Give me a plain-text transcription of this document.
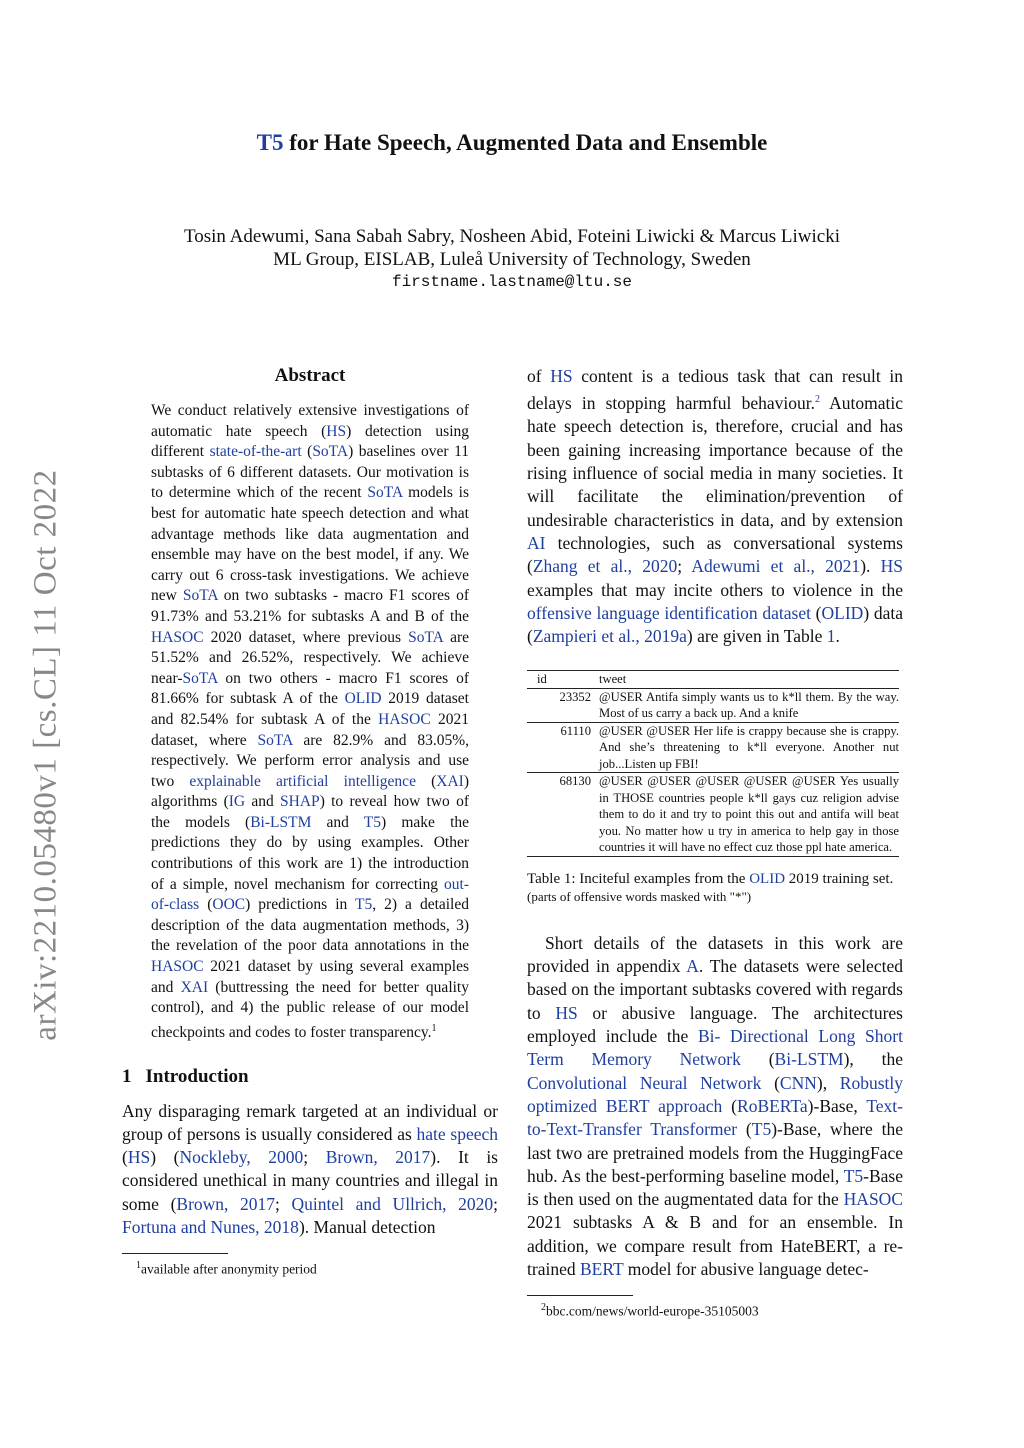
T5 for Hate Speech, Augmented Data and Ensemble
Tosin Adewumi, Sana Sabah Sabry, Nosheen Abid, Foteini Liwicki & Marcus Liwicki
ML Group, EISLAB, Luleå University of Technology, Sweden
firstname.lastname@ltu.se
arXiv:2210.05480v1 [cs.CL] 11 Oct 2022
Abstract

We conduct relatively extensive investigations of automatic hate speech (HS) detection using different state-of-the-art (SoTA) baselines over 11 subtasks of 6 different datasets. Our motivation is to determine which of the recent SoTA models is best for automatic hate speech detection and what advantage methods like data augmentation and ensemble may have on the best model, if any. We carry out 6 cross-task investigations. We achieve new SoTA on two subtasks - macro F1 scores of 91.73% and 53.21% for subtasks A and B of the HASOC 2020 dataset, where previous SoTA are 51.52% and 26.52%, respectively. We achieve near-SoTA on two others - macro F1 scores of 81.66% for subtask A of the OLID 2019 dataset and 82.54% for subtask A of the HASOC 2021 dataset, where SoTA are 82.9% and 83.05%, respectively. We perform error analysis and use two explainable artificial intelligence (XAI) algorithms (IG and SHAP) to reveal how two of the models (Bi-LSTM and T5) make the predictions they do by using examples. Other contributions of this work are 1) the introduction of a simple, novel mechanism for correcting out-of-class (OOC) predictions in T5, 2) a detailed description of the data augmentation methods, 3) the revelation of the poor data annotations in the HASOC 2021 dataset by using several examples and XAI (buttressing the need for better quality control), and 4) the public release of our model checkpoints and codes to foster transparency.$^1$

1 Introduction

Any disparaging remark targeted at an individual or group of persons is usually considered as hate speech (HS) (Nockleby, 2000; Brown, 2017). It is considered unethical in many countries and illegal in some (Brown, 2017; Quintel and Ullrich, 2020; Fortuna and Nunes, 2018). Manual detection

$^1$available after anonymity period

of HS content is a tedious task that can result in delays in stopping harmful behaviour.$^2$ Automatic hate speech detection is, therefore, crucial and has been gaining increasing importance because of the rising influence of social media in many societies. It will facilitate the elimination/prevention of undesirable characteristics in data, and by extension AI technologies, such as conversational systems (Zhang et al., 2020; Adewumi et al., 2021). HS examples that may incite others to violence in the offensive language identification dataset (OLID) data (Zampieri et al., 2019a) are given in Table 1.

id	tweet
23352	@USER Antifa simply wants us to k*ll them. By the way. Most of us carry a back up. And a knife
61110	@USER @USER Her life is crappy because she is crappy. And she’s threatening to k*ll everyone. Another nut job...Listen up FBI!
68130	@USER @USER @USER @USER @USER Yes usually in THOSE countries people k*ll gays cuz religion advise them to do it and try to point this out and antifa will beat you. No matter how u try in america to help gay in those countries it will have no effect cuz those ppl hate america.
Table 1: Inciteful examples from the OLID 2019 training set. (parts of offensive words masked with "*")

Short details of the datasets in this work are provided in appendix A. The datasets were selected based on the important subtasks covered with regards to HS or abusive language. The architectures employed include the Bi- Directional Long Short Term Memory Network (Bi-LSTM), the Convolutional Neural Network (CNN), Robustly optimized BERT approach (RoBERTa)-Base, Text-to-Text-Transfer Transformer (T5)-Base, where the last two are pretrained models from the HuggingFace hub. As the best-performing baseline model, T5-Base is then used on the augmentated data for the HASOC 2021 subtasks A & B and for an ensemble. In addition, we compare result from HateBERT, a re-trained BERT model for abusive language detec-

$^2$bbc.com/news/world-europe-35105003
